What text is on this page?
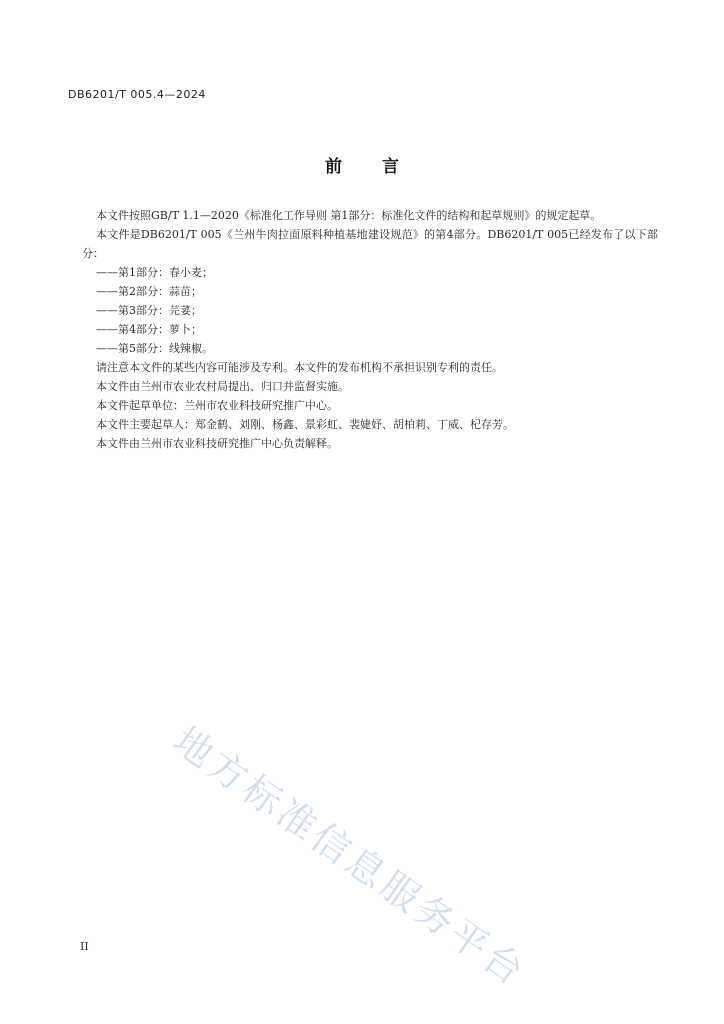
DB6201/T 005.4—2024
前言

本文件按照GB/T 1.1—2020《标准化工作导则 第1部分：标准化文件的结构和起草规则》的规定起草。

本文件是DB6201/T 005《兰州牛肉拉面原料种植基地建设规范》的第4部分。DB6201/T 005已经发布了以下部分：

——第1部分：春小麦；
——第2部分：蒜苗；
——第3部分：芫荽；
——第4部分：萝卜；
——第5部分：线辣椒。

请注意本文件的某些内容可能涉及专利。本文件的发布机构不承担识别专利的责任。

本文件由兰州市农业农村局提出、归口并监督实施。

本文件起草单位：兰州市农业科技研究推广中心。

本文件主要起草人：郑金鹤、刘刚、杨鑫、景彩虹、裴婕妤、胡柏莉、丁威、杞存芳。

本文件由兰州市农业科技研究推广中心负责解释。

地方标准信息服务平台
II
